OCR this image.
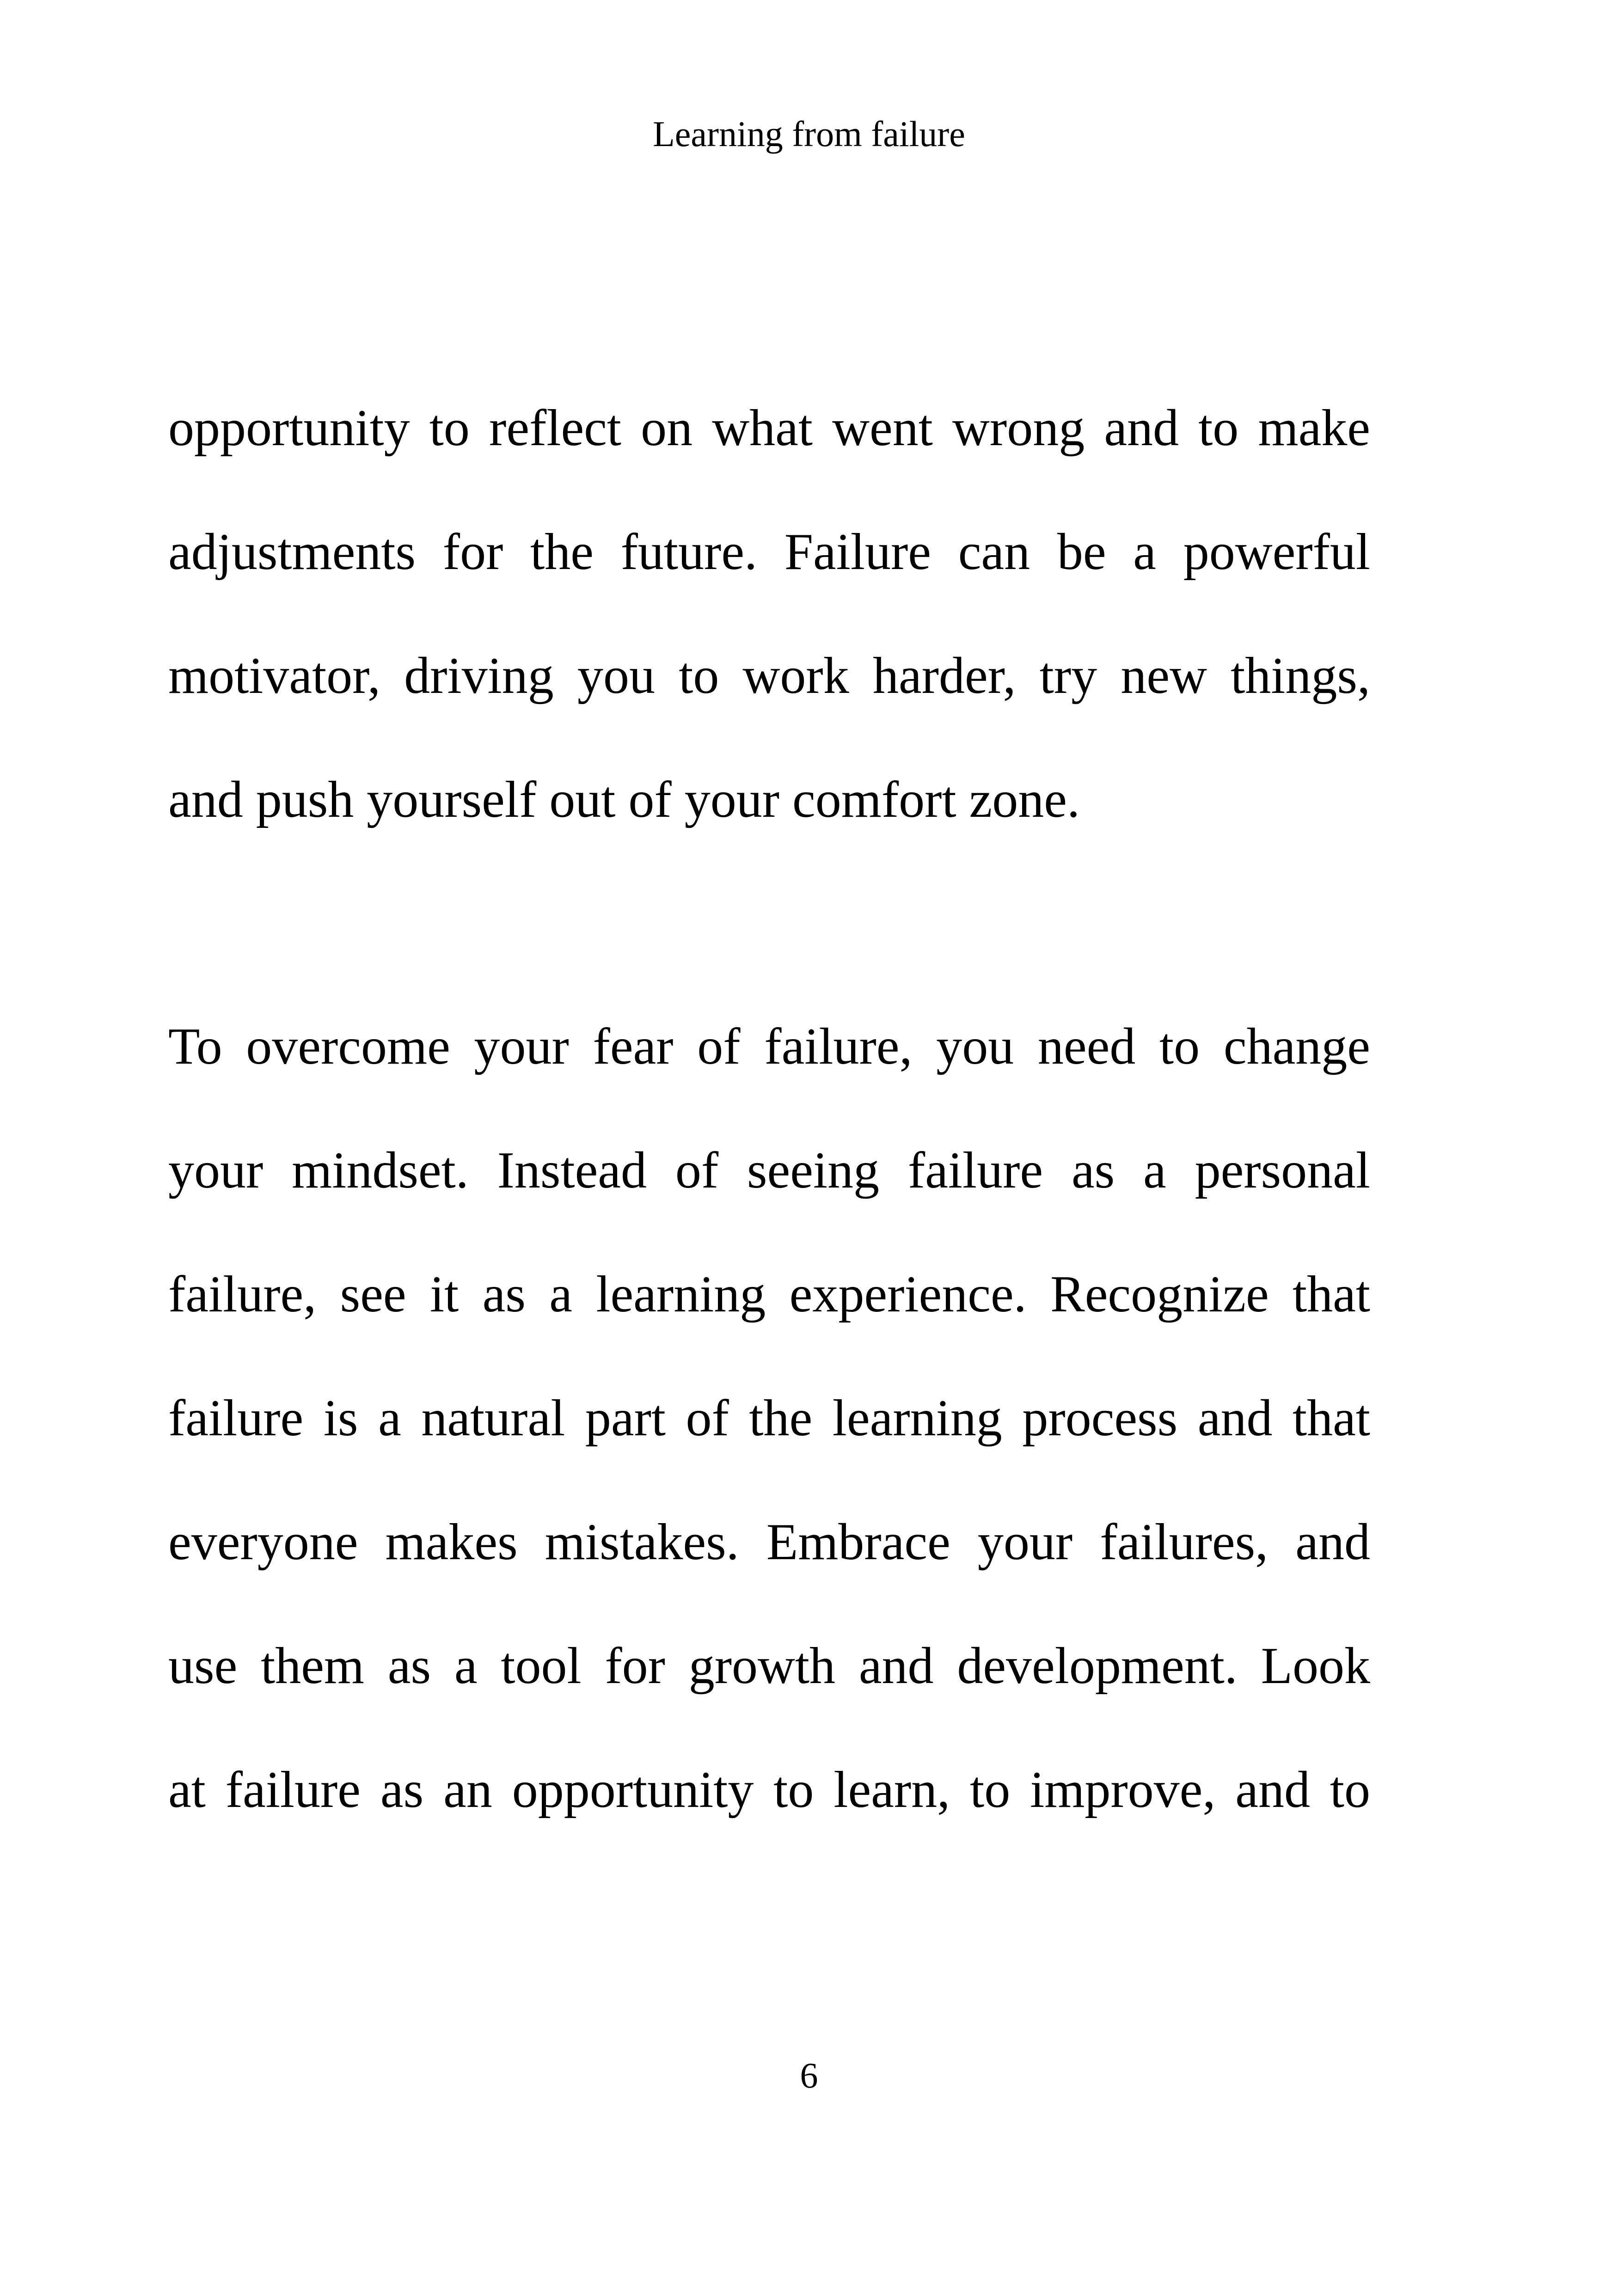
Learning from failure
opportunity to reflect on what went wrong and to make
adjustments for the future. Failure can be a powerful
motivator, driving you to work harder, try new things,
and push yourself out of your comfort zone.
To overcome your fear of failure, you need to change
your mindset. Instead of seeing failure as a personal
failure, see it as a learning experience. Recognize that
failure is a natural part of the learning process and that
everyone makes mistakes. Embrace your failures, and
use them as a tool for growth and development. Look
at failure as an opportunity to learn, to improve, and to
6
